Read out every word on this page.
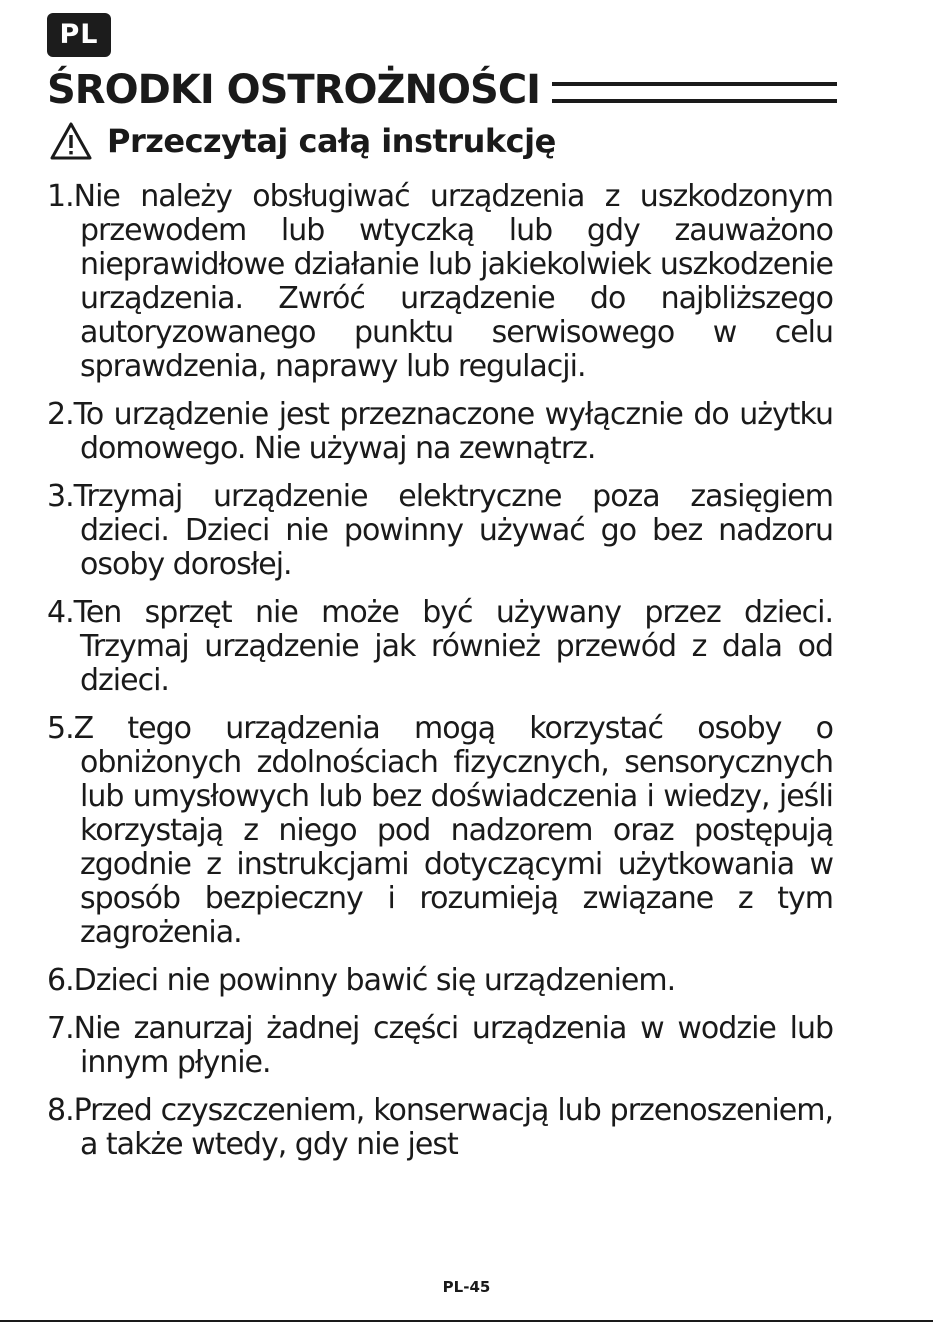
PL
ŚRODKI OSTROŻNOŚCI
Przeczytaj całą instrukcję
1.Nie należy obsługiwać urządzenia z uszkodzonym przewodem lub wtyczką lub gdy zauważono nieprawidłowe działanie lub jakiekolwiek uszkodzenie urządzenia. Zwróć urządzenie do najbliższego autoryzowanego punktu serwisowego w celu sprawdzenia, naprawy lub regulacji.
2.To urządzenie jest przeznaczone wyłącznie do użytku domowego. Nie używaj na zewnątrz.
3.Trzymaj urządzenie elektryczne poza zasięgiem dzieci. Dzieci nie powinny używać go bez nadzoru osoby dorosłej.
4.Ten sprzęt nie może być używany przez dzieci. Trzymaj urządzenie jak również przewód z dala od dzieci.
5.Z tego urządzenia mogą korzystać osoby o obniżonych zdolnościach fizycznych, sensorycznych lub umysłowych lub bez doświadczenia i wiedzy, jeśli korzystają z niego pod nadzorem oraz postępują zgodnie z instrukcjami dotyczącymi użytkowania w sposób bezpieczny i rozumieją związane z tym zagrożenia.
6.Dzieci nie powinny bawić się urządzeniem.
7.Nie zanurzaj żadnej części urządzenia w wodzie lub innym płynie.
8.Przed czyszczeniem, konserwacją lub przenoszeniem, a także wtedy, gdy nie jest
PL-45
